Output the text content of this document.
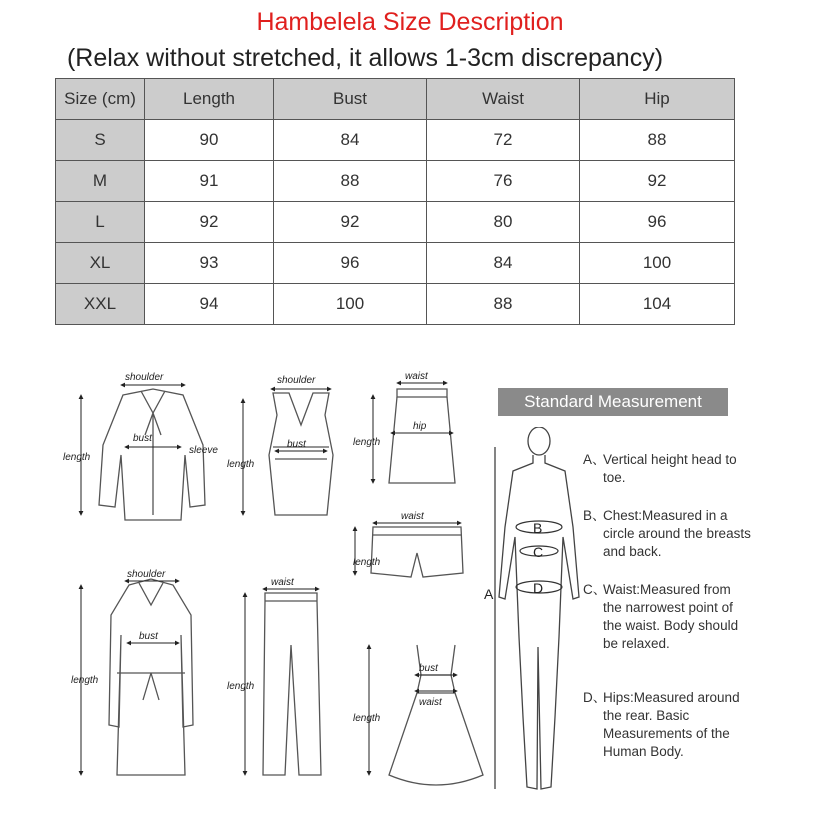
Hambelela Size Description
(Relax without stretched, it allows 1-3cm discrepancy)
Size (cm)	Length	Bust	Waist	Hip
S	90	84	72	88
M	91	88	76	92
L	92	92	80	96
XL	93	96	84	100
XXL	94	100	88	104
length
shoulder
bust
sleeve
length
shoulder
bust	length
waist
hip
length
waist
length
shoulder
bust
length
waist
length
bust
waist
Standard Measurement
B
C
D
A
A、
Vertical height head to toe.
B、
Chest:Measured in a circle around the breasts and back.
C、
Waist:Measured from the narrowest point of the waist. Body should be relaxed.
D、
Hips:Measured around the rear. Basic Measurements of the Human Body.
